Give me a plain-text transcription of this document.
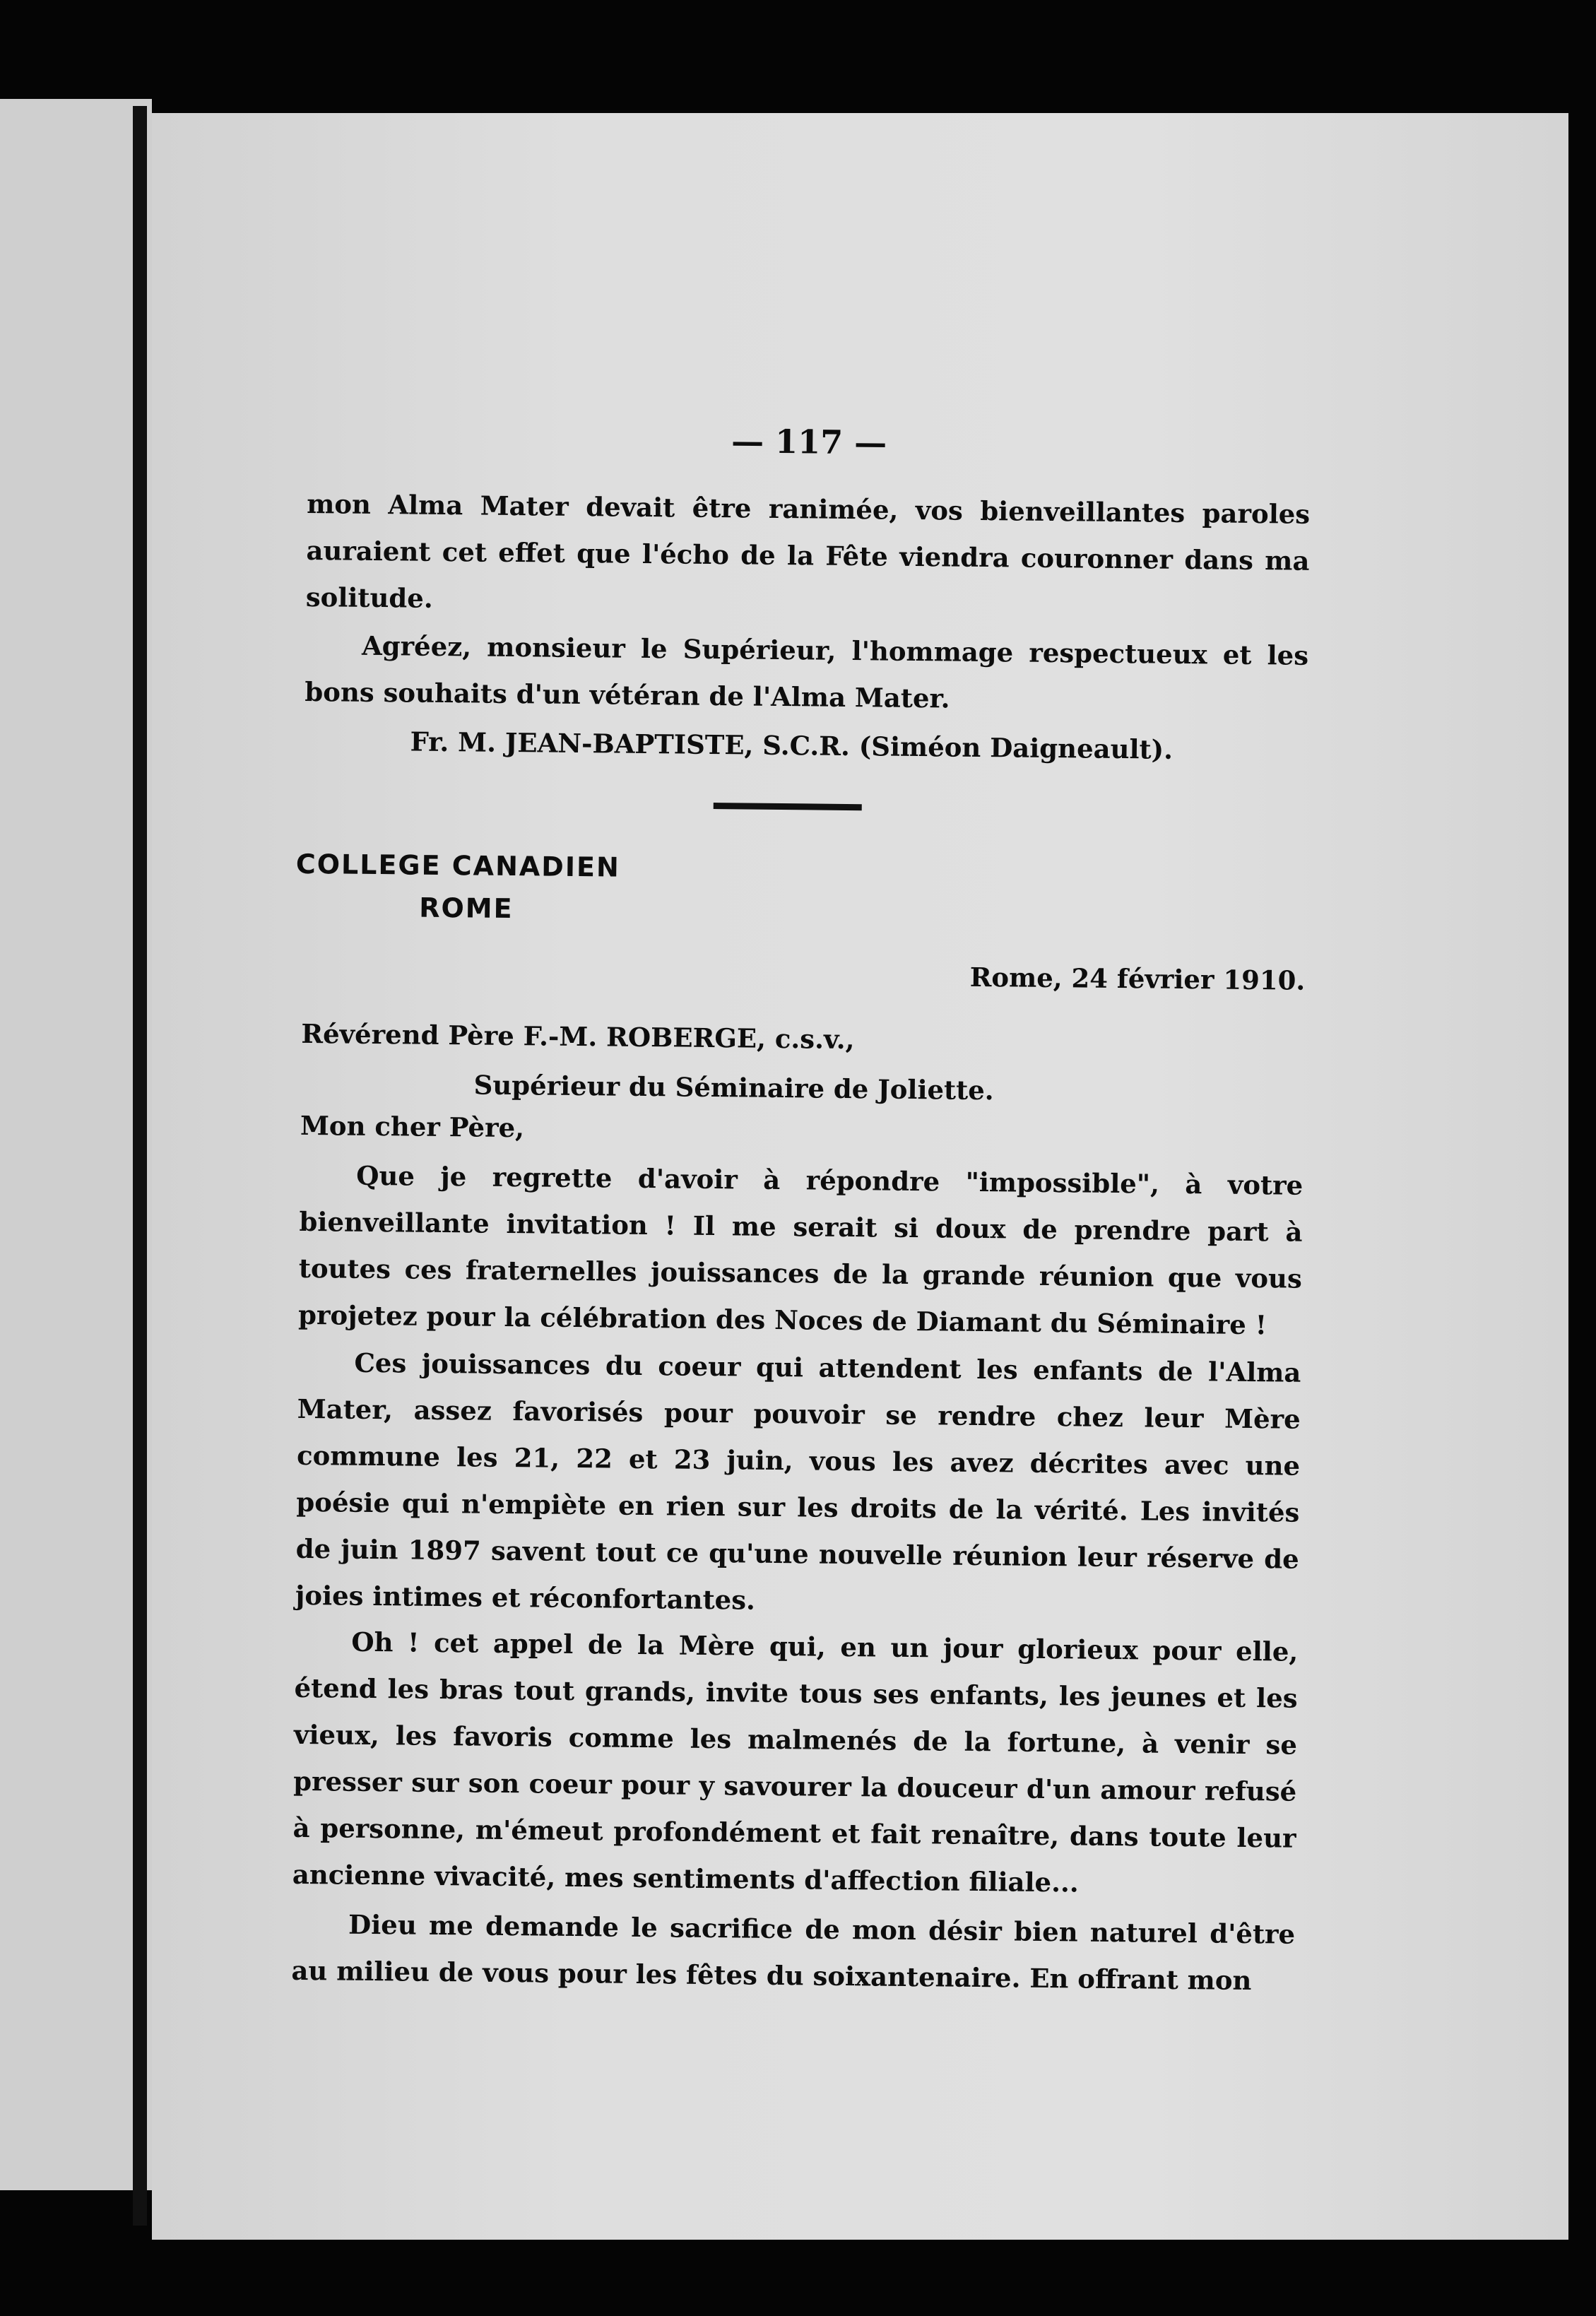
— 117 —

mon Alma Mater devait être ranimée, vos bienveillantes paroles auraient cet effet que l'écho de la Fête viendra couronner dans ma solitude.

Agréez, monsieur le Supérieur, l'hommage respectueux et les bons souhaits d'un vétéran de l'Alma Mater.

Fr. M. JEAN-BAPTISTE, S.C.R. (Siméon Daigneault).
COLLEGE CANADIEN
ROME
Rome, 24 février 1910.
Révérend Père F.-M. ROBERGE, c.s.v.,
Supérieur du Séminaire de Joliette.
Mon cher Père,

Que je regrette d'avoir à répondre "impossible", à votre bienveillante invitation ! Il me serait si doux de prendre part à toutes ces fraternelles jouissances de la grande réunion que vous projetez pour la célébration des Noces de Diamant du Séminaire !

Ces jouissances du coeur qui attendent les enfants de l'Alma Mater, assez favorisés pour pouvoir se rendre chez leur Mère commune les 21, 22 et 23 juin, vous les avez décrites avec une poésie qui n'empiète en rien sur les droits de la vérité. Les invités de juin 1897 savent tout ce qu'une nouvelle réunion leur réserve de joies intimes et réconfortantes.

Oh ! cet appel de la Mère qui, en un jour glorieux pour elle, étend les bras tout grands, invite tous ses enfants, les jeunes et les vieux, les favoris comme les malmenés de la fortune, à venir se presser sur son coeur pour y savourer la douceur d'un amour refusé à personne, m'émeut profondément et fait renaître, dans toute leur ancienne vivacité, mes sentiments d'affection filiale...

Dieu me demande le sacrifice de mon désir bien naturel d'être au milieu de vous pour les fêtes du soixantenaire. En offrant mon
